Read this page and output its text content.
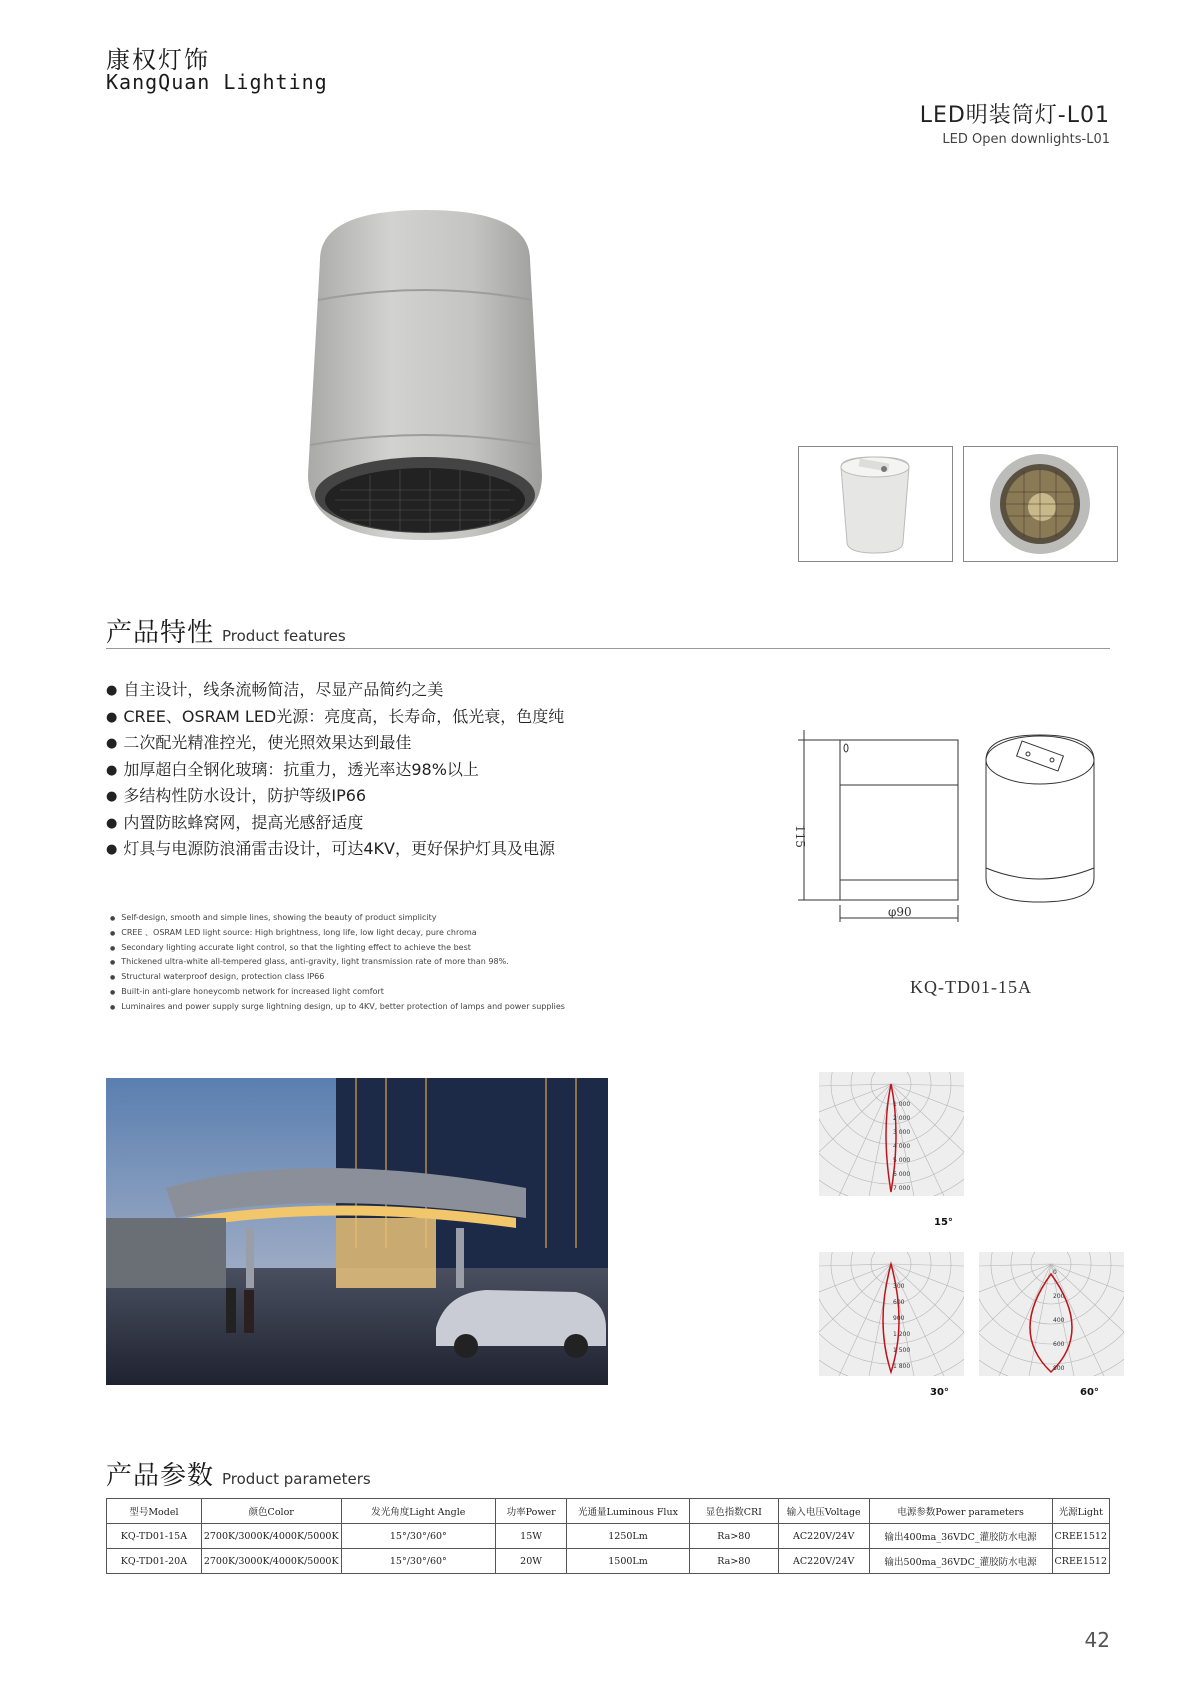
康权灯饰
KangQuan Lighting
LED明装筒灯-L01
LED Open downlights-L01
产品特性 Product features
● 自主设计，线条流畅简洁，尽显产品简约之美
● CREE、OSRAM LED光源：亮度高，长寿命，低光衰，色度纯
● 二次配光精准控光，使光照效果达到最佳
● 加厚超白全钢化玻璃：抗重力，透光率达98%以上
● 多结构性防水设计，防护等级IP66
● 内置防眩蜂窝网，提高光感舒适度
● 灯具与电源防浪涌雷击设计，可达4KV，更好保护灯具及电源
● Self-design, smooth and simple lines, showing the beauty of product simplicity
● CREE 、OSRAM LED light source: High brightness, long life, low light decay, pure chroma
● Secondary lighting accurate light control, so that the lighting effect to achieve the best
● Thickened ultra-white all-tempered glass, anti-gravity, light transmission rate of more than 98%.
● Structural waterproof design, protection class IP66
● Built-in anti-glare honeycomb network for increased light comfort
● Luminaires and power supply surge lightning design, up to 4KV, better protection of lamps and power supplies
115
φ90
KQ-TD01-15A
1 000
2 000
3 000
4 000
5 000
6 000
7 000
15°
300
600
900
1 200
1 500
1 800
30°
0
200
400
600
800
60°
产品参数 Product parameters
型号Model	颜色Color	发光角度Light Angle	功率Power	光通量Luminous Flux	显色指数CRI	输入电压Voltage	电源参数Power parameters	光源Light
KQ-TD01-15A	2700K/3000K/4000K/5000K	15°/30°/60°	15W	1250Lm	Ra>80	AC220V/24V	输出400ma_36VDC_灌胶防水电源	CREE1512
KQ-TD01-20A	2700K/3000K/4000K/5000K	15°/30°/60°	20W	1500Lm	Ra>80	AC220V/24V	输出500ma_36VDC_灌胶防水电源	CREE1512
42
